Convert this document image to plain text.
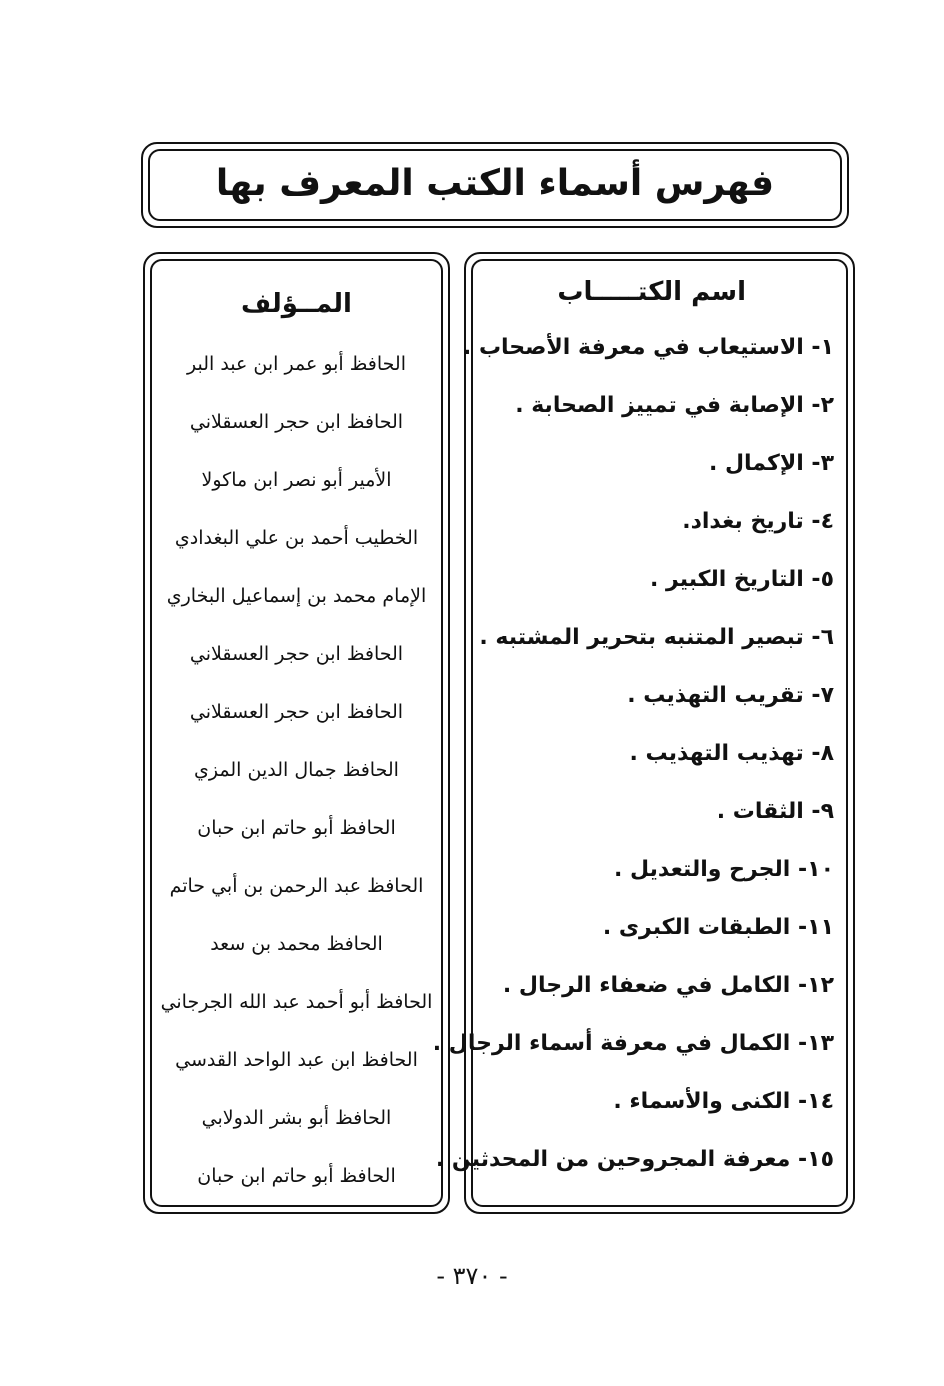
فهرس أسماء الكتب المعرف بها
اسم الكتـــــاب
١- الاستيعاب في معرفة الأصحاب .
٢- الإصابة في تمييز الصحابة .
٣- الإكمال .
٤- تاريخ بغداد.
٥- التاريخ الكبير .
٦- تبصير المتنبه بتحرير المشتبه .
٧- تقريب التهذيب .
٨- تهذيب التهذيب .
٩- الثقات .
١٠- الجرح والتعديل .
١١- الطبقات الكبرى .
١٢- الكامل في ضعفاء الرجال .
١٣- الكمال في معرفة أسماء الرجال .
١٤- الكنى والأسماء .
١٥- معرفة المجروحين من المحدثين .
المــؤلف
الحافظ أبو عمر ابن عبد البر
الحافظ ابن حجر العسقلاني
الأمير أبو نصر ابن ماكولا
الخطيب أحمد بن علي البغدادي
الإمام محمد بن إسماعيل البخاري
الحافظ ابن حجر العسقلاني
الحافظ ابن حجر العسقلاني
الحافظ جمال الدين المزي
الحافظ أبو حاتم ابن حبان
الحافظ عبد الرحمن بن أبي حاتم
الحافظ محمد بن سعد
الحافظ أبو أحمد عبد الله الجرجاني
الحافظ ابن عبد الواحد القدسي
الحافظ أبو بشر الدولابي
الحافظ أبو حاتم ابن حبان
- ٣٧٠ -
